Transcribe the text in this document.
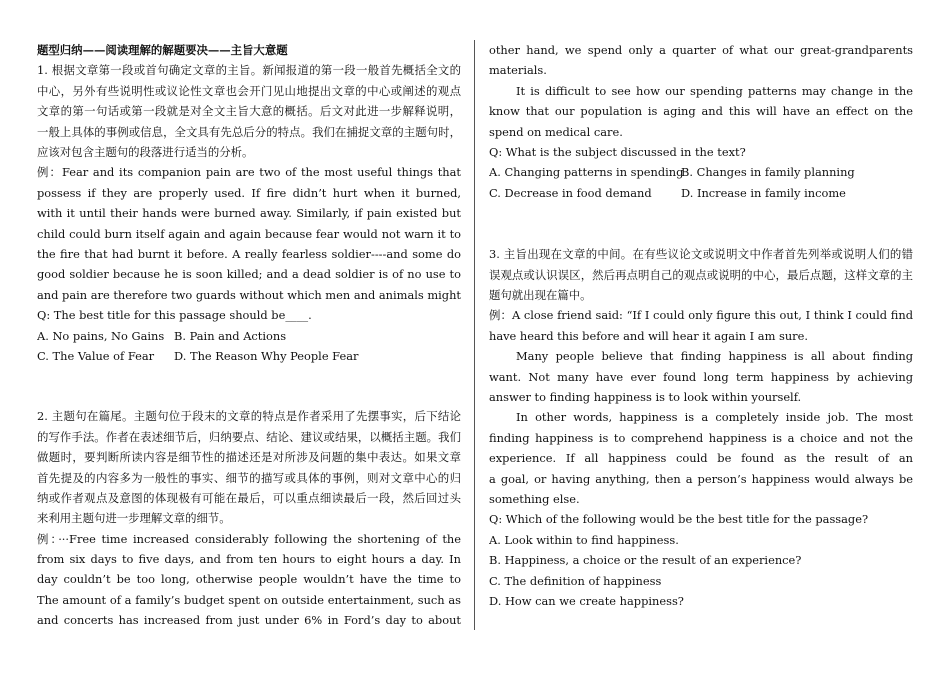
题型归纳——阅读理解的解题要决——主旨大意题
1. 根据文章第一段或首句确定文章的主旨。新闻报道的第一段一般首先概括全文的
中心，另外有些说明性或议论性文章也会开门见山地提出文章的中心或阐述的观点
文章的第一句话或第一段就是对全文主旨大意的概括。后文对此进一步解释说明，
一般上具体的事例或信息，全文具有先总后分的特点。我们在捕捉文章的主题句时，
应该对包含主题句的段落进行适当的分析。
例：Fear and its companion pain are two of the most useful things that
possess if they are properly used. If fire didn’t hurt when it burned,
with it until their hands were burned away. Similarly, if pain existed but
child could burn itself again and again because fear would not warn it to
the fire that had burnt it before. A really fearless soldier----and some do
good soldier because he is soon killed; and a dead soldier is of no use to
and pain are therefore two guards without which men and animals might
Q: The best title for this passage should be____.
A. No pains, No Gains B. Pain and Actions
C. The Value of Fear	D. The Reason Why People Fear
2. 主题句在篇尾。主题句位于段末的文章的特点是作者采用了先摆事实，后下结论
的写作手法。作者在表述细节后，归纳要点、结论、建议或结果，以概括主题。我们
做题时，要判断所读内容是细节性的描述还是对所涉及问题的集中表达。如果文章
首先提及的内容多为一般性的事实、细节的描写或具体的事例，则对文章中心的归
纳或作者观点及意图的体现极有可能在最后，可以重点细读最后一段，然后回过头
来利用主题句进一步理解文章的细节。
例：···Free time increased considerably following the shortening of the
from six days to five days, and from ten hours to eight hours a day. In
day couldn’t be too long, otherwise people wouldn’t have the time to
The amount of a family’s budget spent on outside entertainment, such as
and concerts has increased from just under 6% in Ford’s day to about
other hand, we spend only a quarter of what our great-grandparents
materials.
It is difficult to see how our spending patterns may change in the
know that our population is aging and this will have an effect on the
spend on medical care.
Q: What is the subject discussed in the text?
A. Changing patterns in spending
B. Changes in family planning
C. Decrease in food demand	D. Increase in family income
3. 主旨出现在文章的中间。在有些议论文或说明文中作者首先列举或说明人们的错
误观点或认识误区，然后再点明自己的观点或说明的中心，最后点题，这样文章的主
题句就出现在篇中。
例：A close friend said: “If I could only figure this out, I think I could find
have heard this before and will hear it again I am sure.
Many people believe that finding happiness is all about finding
want. Not many have ever found long term happiness by achieving
answer to finding happiness is to look within yourself.
In other words, happiness is a completely inside job. The most
finding happiness is to comprehend happiness is a choice and not the
experience. If all happiness could be found as the result of an
a goal, or having anything, then a person’s happiness would always be
something else.
Q: Which of the following would be the best title for the passage?
A. Look within to find happiness.
B. Happiness, a choice or the result of an experience?
C. The definition of happiness
D. How can we create happiness?
